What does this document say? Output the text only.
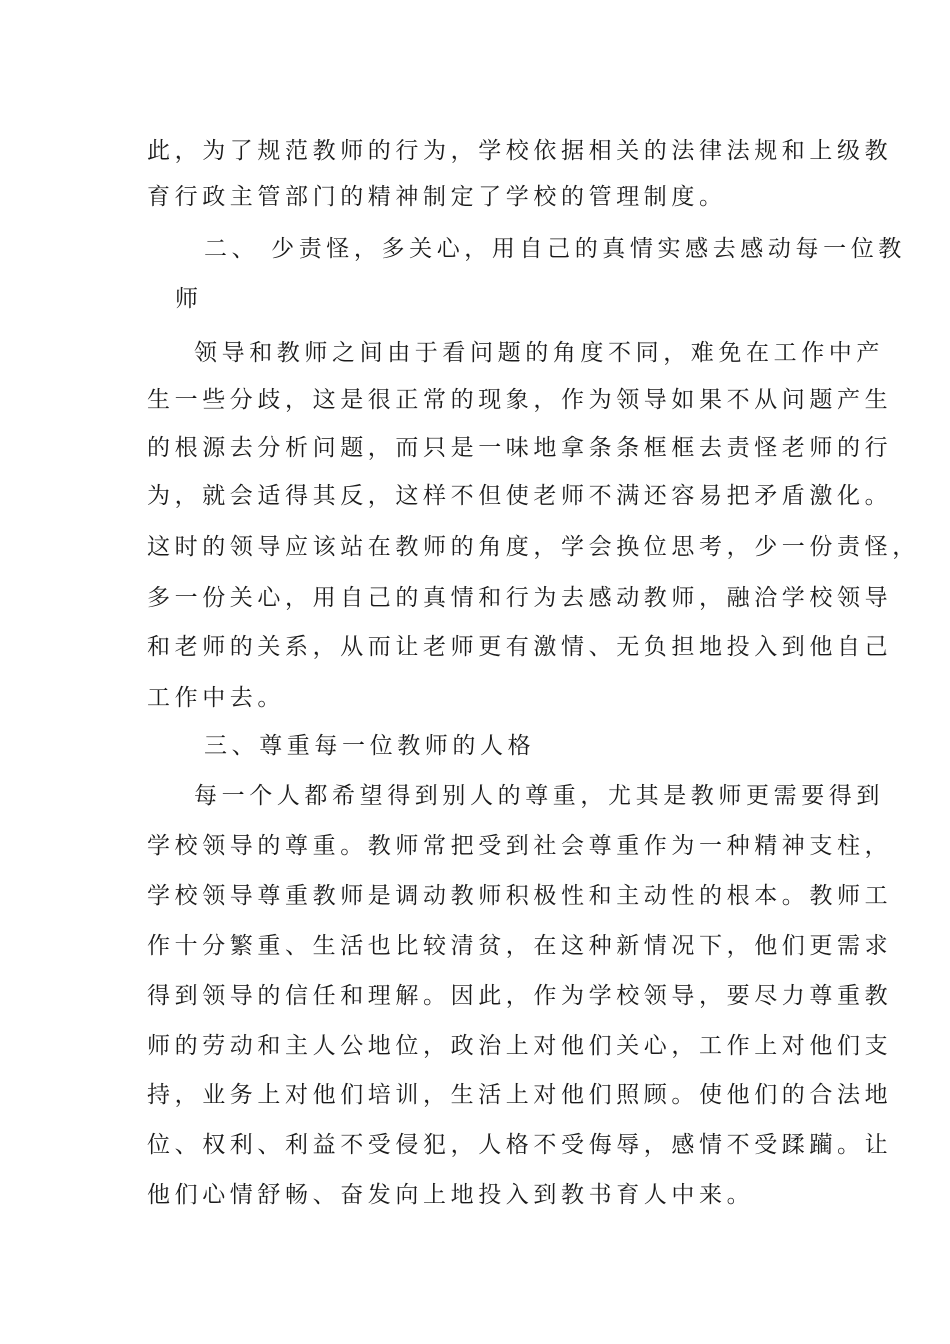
此，为了规范教师的行为，学校依据相关的法律法规和上级教
育行政主管部门的精神制定了学校的管理制度。
二、 少责怪，多关心，用自己的真情实感去感动每一位教
师
领导和教师之间由于看问题的角度不同，难免在工作中产
生一些分歧，这是很正常的现象，作为领导如果不从问题产生
的根源去分析问题，而只是一味地拿条条框框去责怪老师的行
为，就会适得其反，这样不但使老师不满还容易把矛盾激化。
这时的领导应该站在教师的角度，学会换位思考，少一份责怪，
多一份关心，用自己的真情和行为去感动教师，融洽学校领导
和老师的关系，从而让老师更有激情、无负担地投入到他自己
工作中去。
三、尊重每一位教师的人格
每一个人都希望得到别人的尊重，尤其是教师更需要得到
学校领导的尊重。教师常把受到社会尊重作为一种精神支柱，
学校领导尊重教师是调动教师积极性和主动性的根本。教师工
作十分繁重、生活也比较清贫，在这种新情况下，他们更需求
得到领导的信任和理解。因此，作为学校领导，要尽力尊重教
师的劳动和主人公地位，政治上对他们关心，工作上对他们支
持，业务上对他们培训，生活上对他们照顾。使他们的合法地
位、权利、利益不受侵犯，人格不受侮辱，感情不受蹂躏。让
他们心情舒畅、奋发向上地投入到教书育人中来。
